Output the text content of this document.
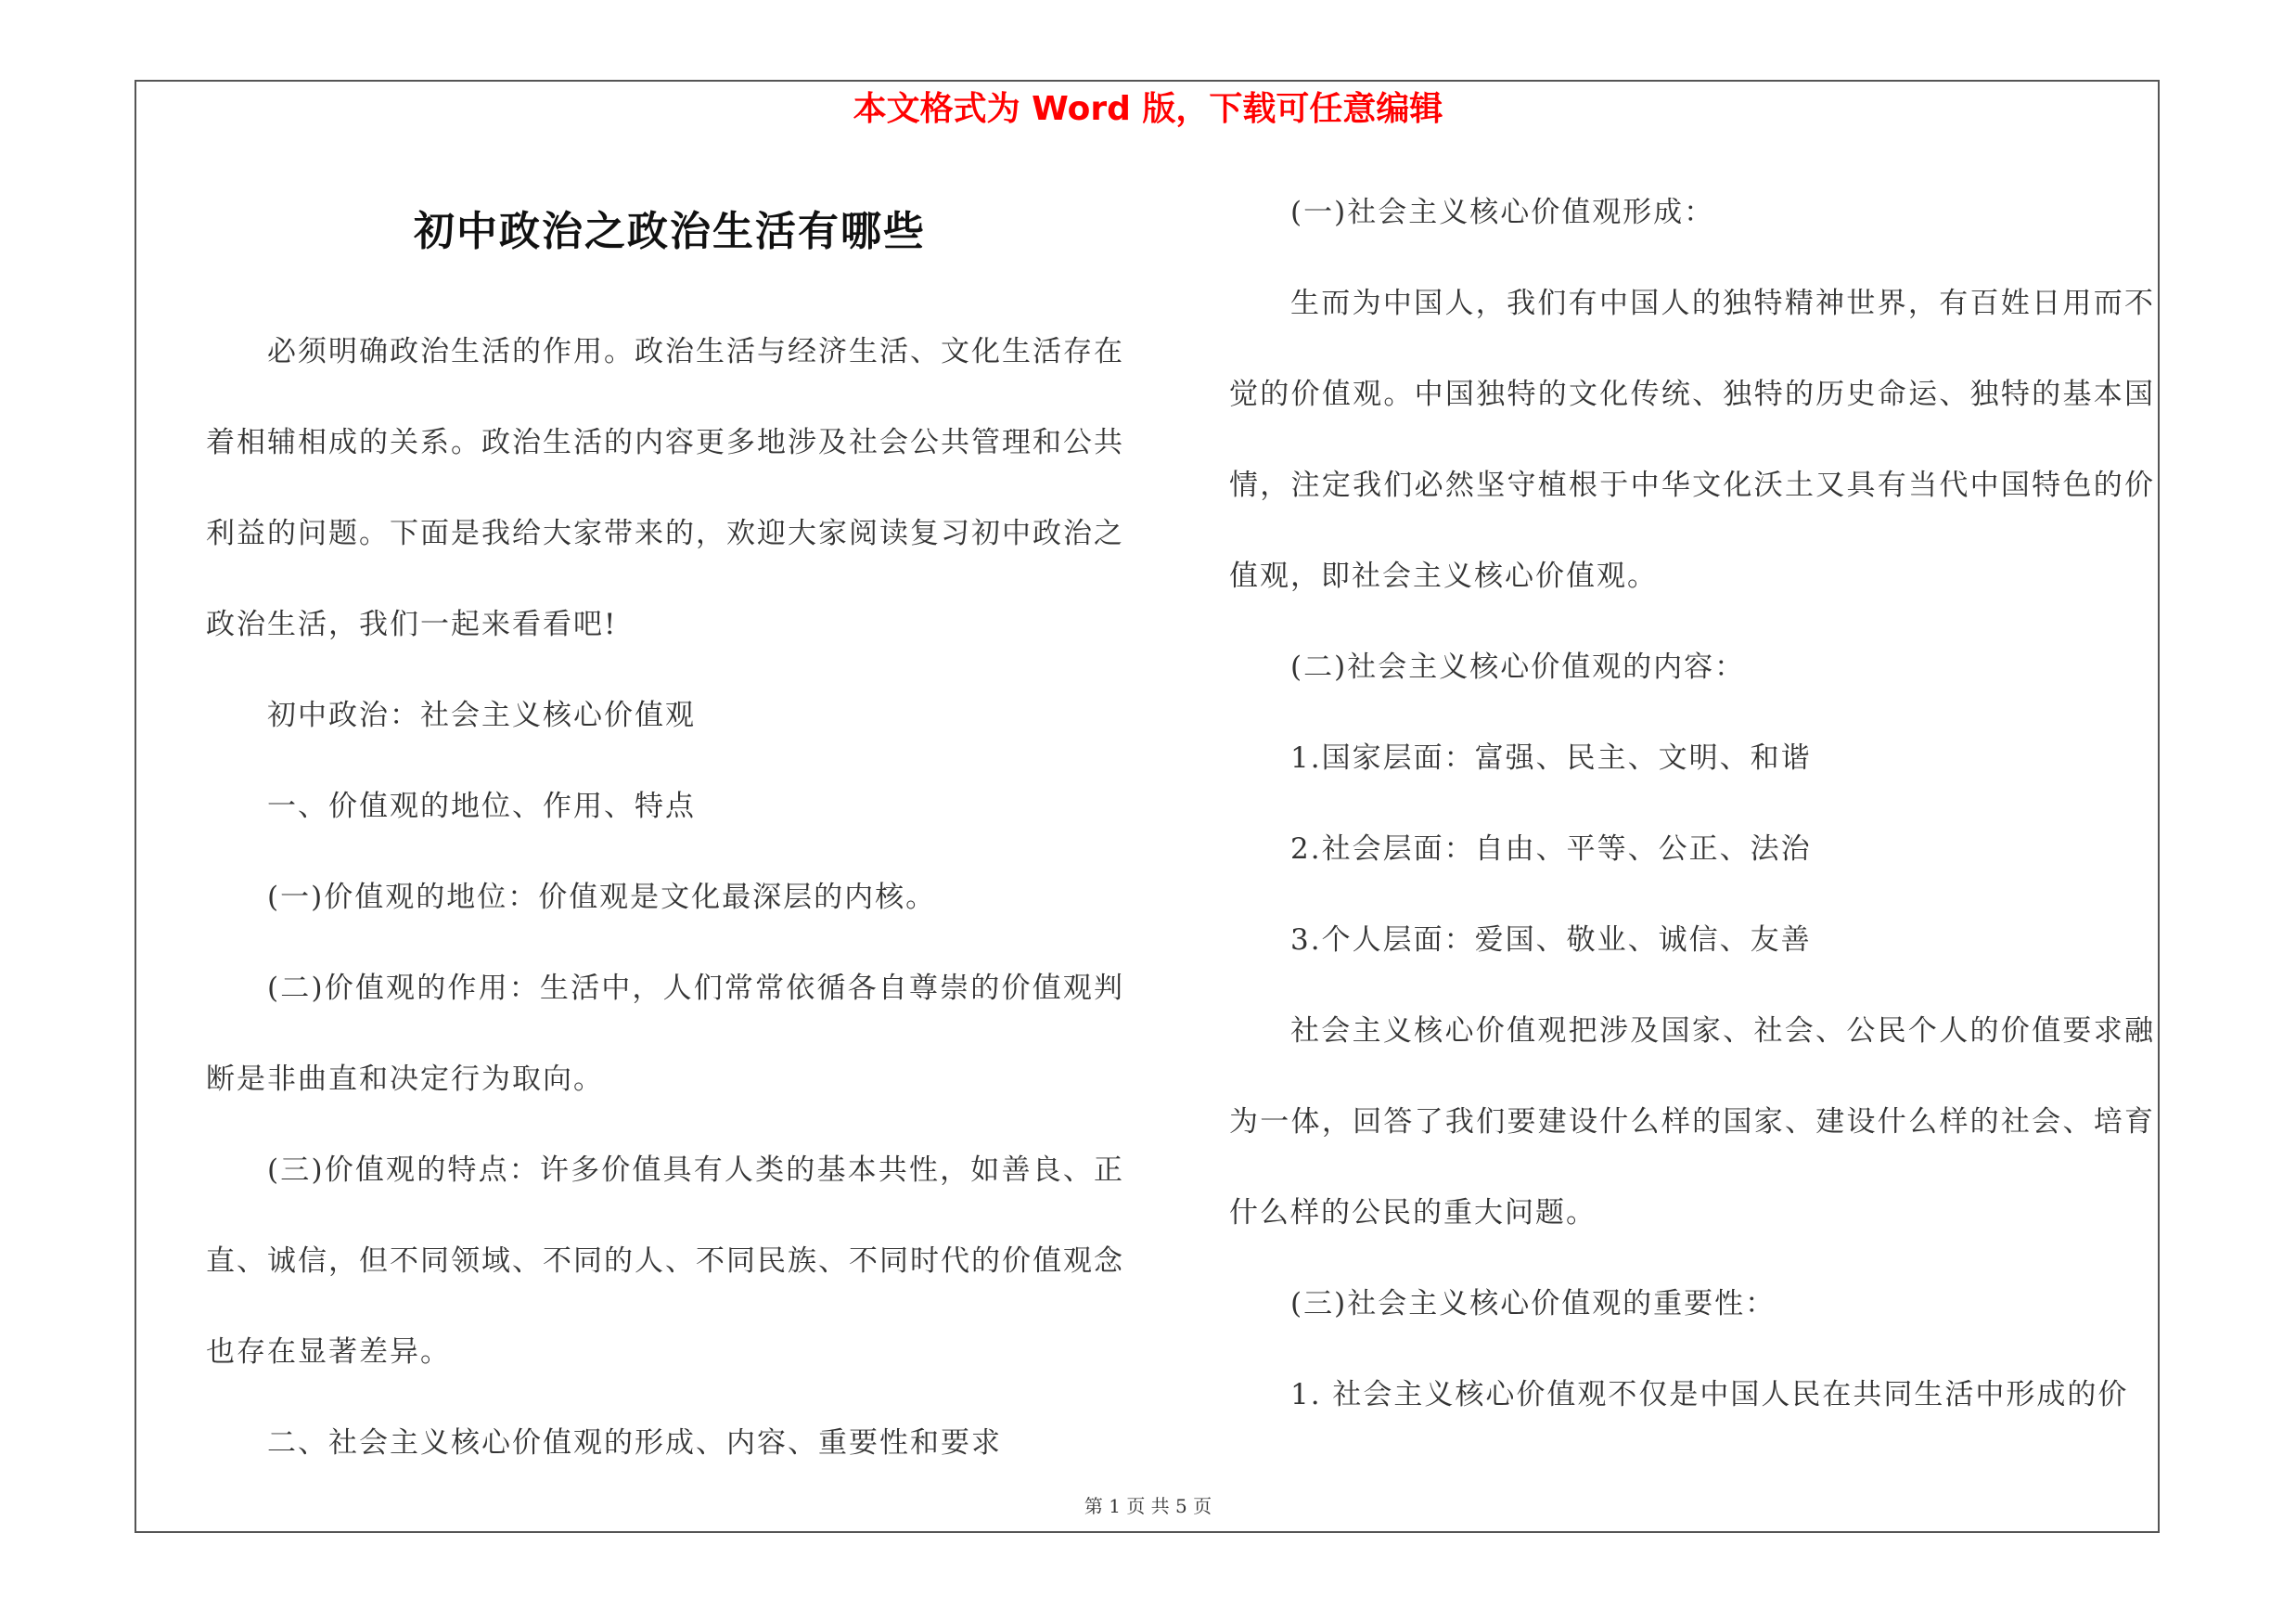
本文格式为 Word 版，下载可任意编辑
初中政治之政治生活有哪些

必须明确政治生活的作用。政治生活与经济生活、文化生活存在着相辅相成的关系。政治生活的内容更多地涉及社会公共管理和公共利益的问题。下面是我给大家带来的，欢迎大家阅读复习初中政治之政治生活，我们一起来看看吧!

初中政治：社会主义核心价值观

一、价值观的地位、作用、特点

(一)价值观的地位：价值观是文化最深层的内核。

(二)价值观的作用：生活中，人们常常依循各自尊崇的价值观判断是非曲直和决定行为取向。

(三)价值观的特点：许多价值具有人类的基本共性，如善良、正直、诚信，但不同领域、不同的人、不同民族、不同时代的价值观念也存在显著差异。

二、社会主义核心价值观的形成、内容、重要性和要求

(一)社会主义核心价值观形成：

生而为中国人，我们有中国人的独特精神世界，有百姓日用而不觉的价值观。中国独特的文化传统、独特的历史命运、独特的基本国情，注定我们必然坚守植根于中华文化沃土又具有当代中国特色的价值观，即社会主义核心价值观。

(二)社会主义核心价值观的内容：

1.国家层面：富强、民主、文明、和谐

2.社会层面：自由、平等、公正、法治

3.个人层面：爱国、敬业、诚信、友善

社会主义核心价值观把涉及国家、社会、公民个人的价值要求融为一体，回答了我们要建设什么样的国家、建设什么样的社会、培育什么样的公民的重大问题。

(三)社会主义核心价值观的重要性：

1. 社会主义核心价值观不仅是中国人民在共同生活中形成的价

第 1 页 共 5 页
